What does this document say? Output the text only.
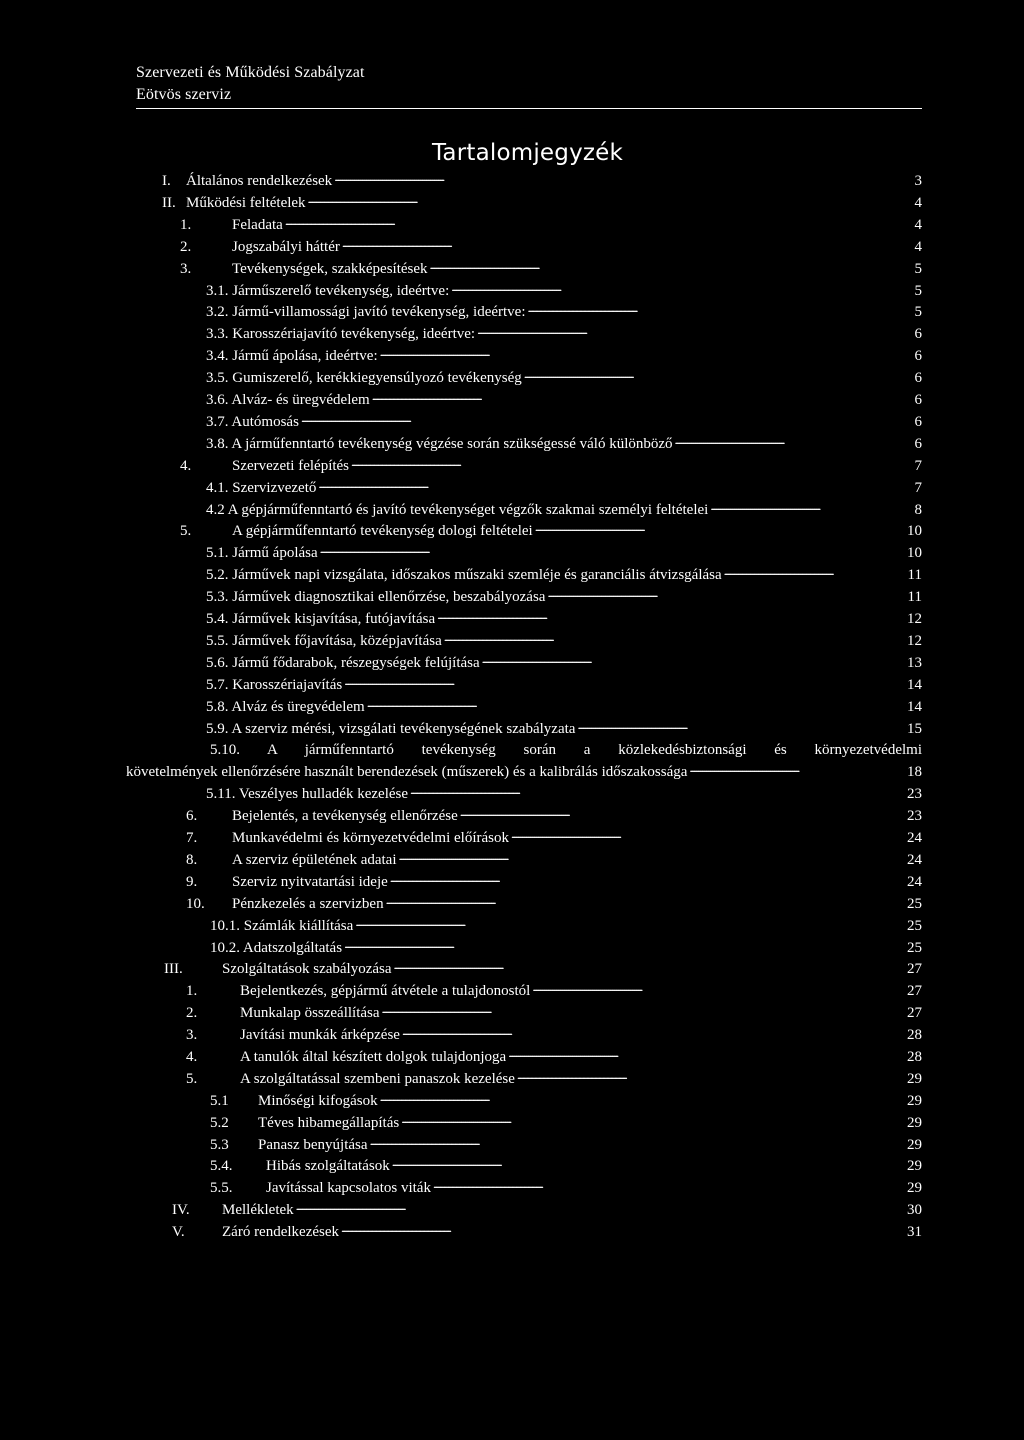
Szervezeti és Működési Szabályzat
Eötvös szerviz
Tartalomjegyzék
I. Általános rendelkezések . . .	3
II. Működési feltételek . . .	4
1.	Feladata . . .	4
2.	Jogszabályi háttér . . .	4
3.	Tevékenységek, szakképesítések . . .	5
3.1. Járműszerelő tevékenység, ideértve: . . .	5
3.2. Jármű-villamossági javító tevékenység, ideértve: . . .	5
3.3. Karosszériajavító tevékenység, ideértve: . . .	6
3.4. Jármű ápolása, ideértve: . . .	6
3.5. Gumiszerelő, kerékkiegyensúlyozó tevékenység . . .	6
3.6. Alváz- és üregvédelem . . .	6
3.7. Autómosás . . .	6
3.8. A járműfenntartó tevékenység végzése során szükségessé váló különböző . . .	6
4.	Szervezeti felépítés . . .	7
4.1. Szervizvezető . . .	7
4.2 A gépjárműfenntartó és javító tevékenységet végzők szakmai személyi feltételei . . .	8
5.	A gépjárműfenntartó tevékenység dologi feltételei . . .	10
5.1. Jármű ápolása . . .	10
5.2. Járművek napi vizsgálata, időszakos műszaki szemléje és garanciális átvizsgálása . . .	11
5.3. Járművek diagnosztikai ellenőrzése, beszabályozása . . .	11
5.4. Járművek kisjavítása, futójavítása . . .	12
5.5. Járművek főjavítása, középjavítása . . .	12
5.6. Jármű fődarabok, részegységek felújítása . . .	13
5.7. Karosszériajavítás . . .	14
5.8. Alváz és üregvédelem . . .	14
5.9. A szerviz mérési, vizsgálati tevékenységének szabályzata . . .	15
5.10. A járműfenntartó tevékenység során a közlekedésbiztonsági és környezetvédelmi
követelmények ellenőrzésére használt berendezések (műszerek) és a kalibrálás időszakossága . . .	18
5.11. Veszélyes hulladék kezelése . . .	23
6. Bejelentés, a tevékenység ellenőrzése . . .	23
7. Munkavédelmi és környezetvédelmi előírások . . .	24
8. A szerviz épületének adatai . . .	24
9. Szerviz nyitvatartási ideje . . .	24
10. Pénzkezelés a szervizben . . .	25
10.1. Számlák kiállítása . . .	25
10.2. Adatszolgáltatás . . .	25
III.	Szolgáltatások szabályozása . . .	27
1.	Bejelentkezés, gépjármű átvétele a tulajdonostól . . .	27
2.	Munkalap összeállítása . . .	27
3.	Javítási munkák árképzése . . .	28
4.	A tanulók által készített dolgok tulajdonjoga . . .	28
5.	A szolgáltatással szembeni panaszok kezelése . . .	29
5.1 Minőségi kifogások . . .	29
5.2 Téves hibamegállapítás . . .	29
5.3 Panasz benyújtása . . .	29
5.4. Hibás szolgáltatások . . .	29
5.5. Javítással kapcsolatos viták . . .	29
IV. Mellékletek . . .	30
V. Záró rendelkezések . . .	31
